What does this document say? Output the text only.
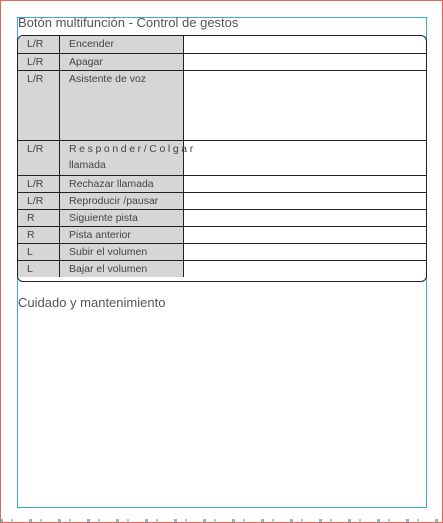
Botón multifunción - Control de gestos
L/R	Encender	
L/R	Apagar	
L/R	Asistente de voz	
L/R	Responder/Colgar
llamada	
L/R	Rechazar llamada	
L/R	Reproducir /pausar	
R	Siguiente pista	
R	Pista anterior	
L	Subir el volumen	
L	Bajar el volumen	
Cuidado y mantenimiento
